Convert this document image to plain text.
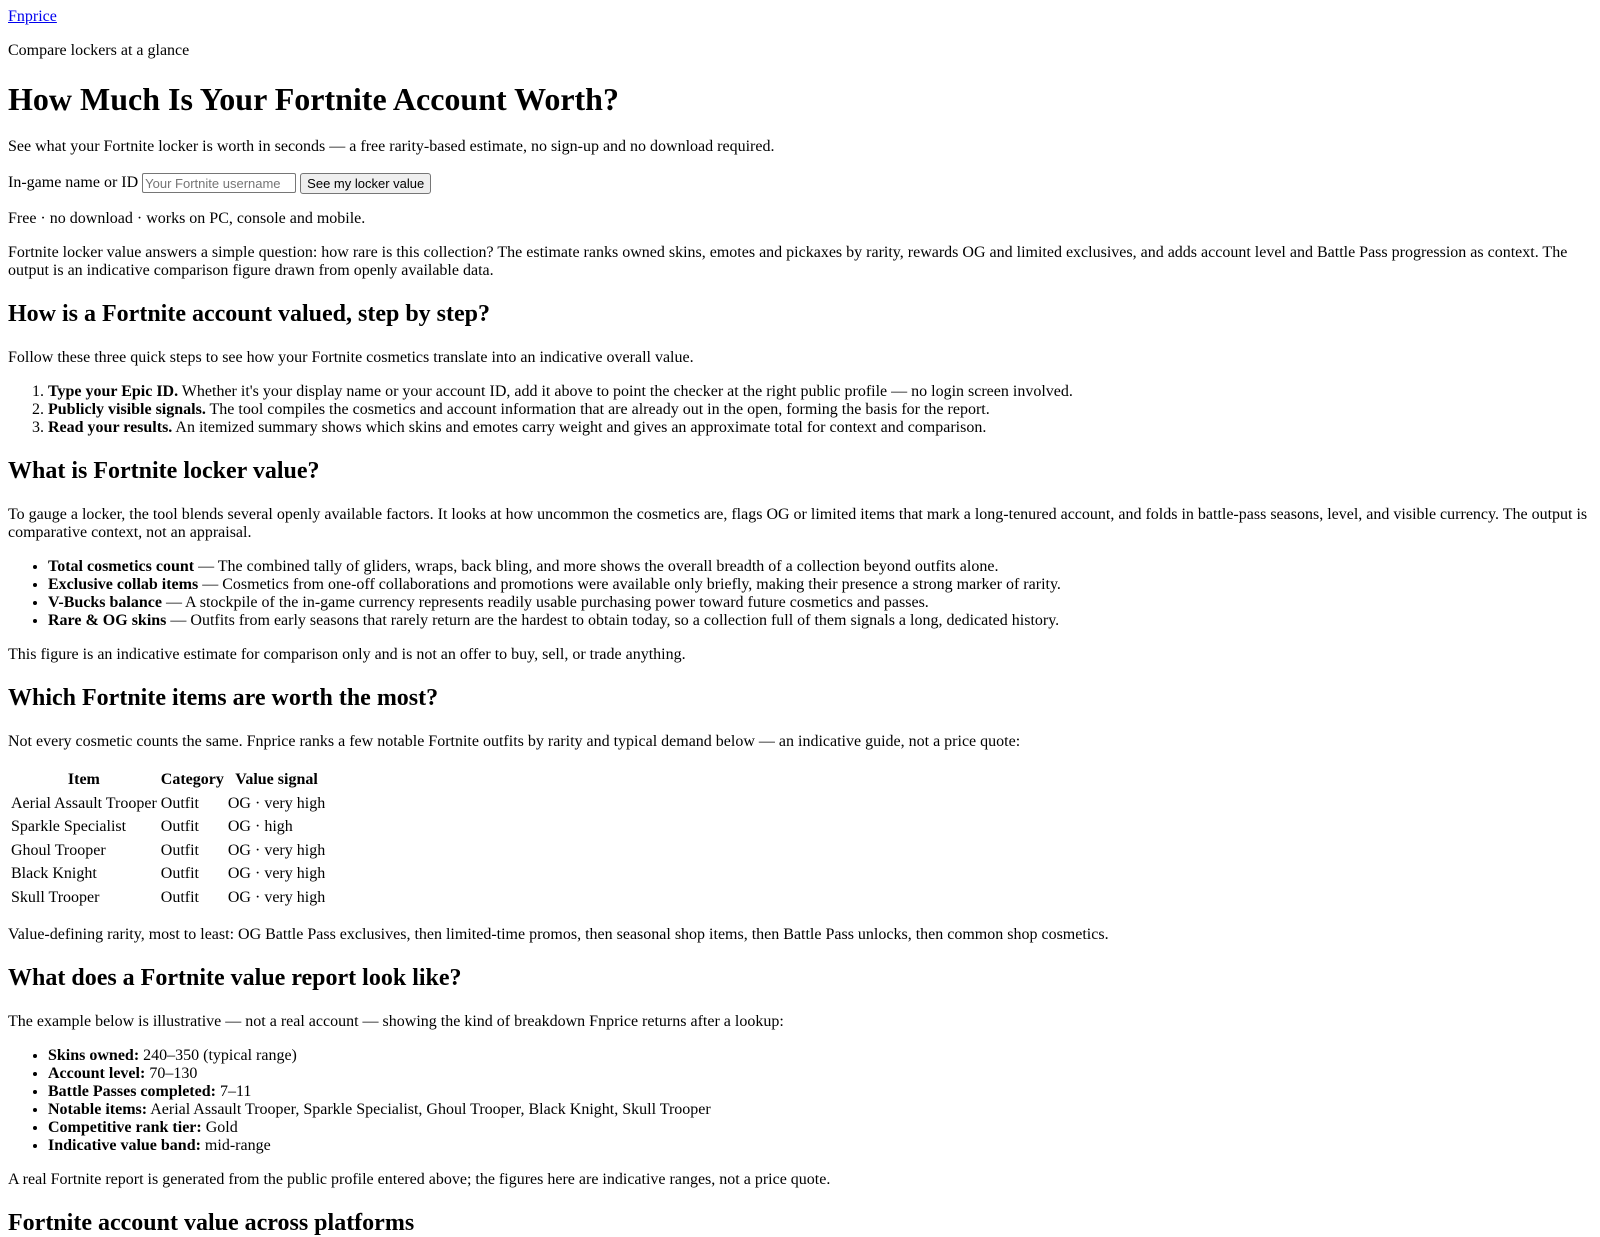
Fnprice

Compare lockers at a glance

How Much Is Your Fortnite Account Worth?

See what your Fortnite locker is worth in seconds — a free rarity-based estimate, no sign-up and no download required.

In-game name or ID
Your Fortnite username	See my locker value

Free · no download · works on PC, console and mobile.

Fortnite locker value answers a simple question: how rare is this collection? The estimate ranks owned skins, emotes and pickaxes by rarity, rewards OG and limited exclusives, and adds account level and Battle Pass progression as context. The output is an indicative comparison figure drawn from openly available data.

How is a Fortnite account valued, step by step?

Follow these three quick steps to see how your Fortnite cosmetics translate into an indicative overall value.

1. Type your Epic ID. Whether it's your display name or your account ID, add it above to point the checker at the right public profile — no login screen involved.
2. Publicly visible signals. The tool compiles the cosmetics and account information that are already out in the open, forming the basis for the report.
3. Read your results. An itemized summary shows which skins and emotes carry weight and gives an approximate total for context and comparison.
What is Fortnite locker value?

To gauge a locker, the tool blends several openly available factors. It looks at how uncommon the cosmetics are, flags OG or limited items that mark a long-tenured account, and folds in battle-pass seasons, level, and visible currency. The output is comparative context, not an appraisal.

• Total cosmetics count — The combined tally of gliders, wraps, back bling, and more shows the overall breadth of a collection beyond outfits alone.
• Exclusive collab items — Cosmetics from one-off collaborations and promotions were available only briefly, making their presence a strong marker of rarity.
• V-Bucks balance — A stockpile of the in-game currency represents readily usable purchasing power toward future cosmetics and passes.
• Rare & OG skins — Outfits from early seasons that rarely return are the hardest to obtain today, so a collection full of them signals a long, dedicated history.

This figure is an indicative estimate for comparison only and is not an offer to buy, sell, or trade anything.

Which Fortnite items are worth the most?

Not every cosmetic counts the same. Fnprice ranks a few notable Fortnite outfits by rarity and typical demand below — an indicative guide, not a price quote:

Item	Category	Value signal
Aerial Assault Trooper	Outfit	OG · very high
Sparkle Specialist	Outfit	OG · high
Ghoul Trooper	Outfit	OG · very high
Black Knight	Outfit	OG · very high
Skull Trooper	Outfit	OG · very high

Value-defining rarity, most to least: OG Battle Pass exclusives, then limited-time promos, then seasonal shop items, then Battle Pass unlocks, then common shop cosmetics.

What does a Fortnite value report look like?

The example below is illustrative — not a real account — showing the kind of breakdown Fnprice returns after a lookup:

• Skins owned: 240–350 (typical range)
• Account level: 70–130
• Battle Passes completed: 7–11
• Notable items: Aerial Assault Trooper, Sparkle Specialist, Ghoul Trooper, Black Knight, Skull Trooper
• Competitive rank tier: Gold
• Indicative value band: mid-range

A real Fortnite report is generated from the public profile entered above; the figures here are indicative ranges, not a price quote.

Fortnite account value across platforms
